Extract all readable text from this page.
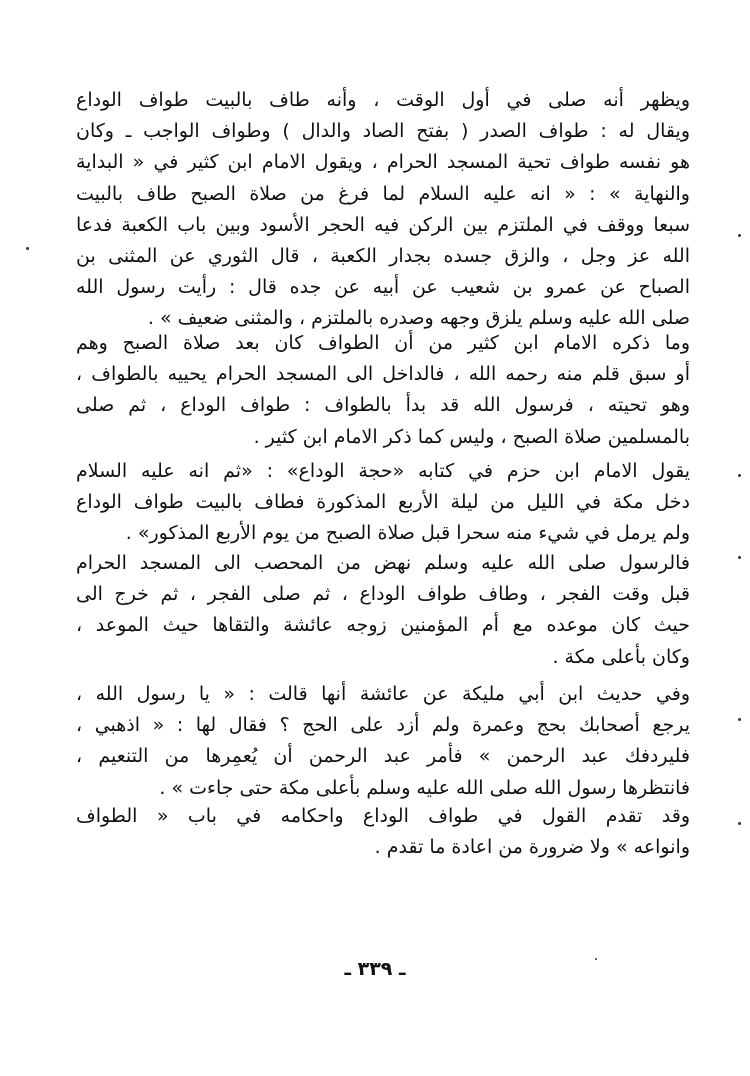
ويظهر أنه صلى في أول الوقت ، وأنه طاف بالبيت طواف الوداع
ويقال له : طواف الصدر ( بفتح الصاد والدال ) وطواف الواجب ـ وكان
هو نفسه طواف تحية المسجد الحرام ، ويقول الامام ابن كثير في « البداية
والنهاية » : « انه عليه السلام لما فرغ من صلاة الصبح طاف بالبيت
سبعا ووقف في الملتزم بين الركن فيه الحجر الأسود وبين باب الكعبة فدعا
الله عز وجل ، والزق جسده بجدار الكعبة ، قال الثوري عن المثنى بن
الصباح عن عمرو بن شعيب عن أبيه عن جده قال : رأيت رسول الله
صلى الله عليه وسلم يلزق وجهه وصدره بالملتزم ، والمثنى ضعيف » .
وما ذكره الامام ابن كثير من أن الطواف كان بعد صلاة الصبح وهم
أو سبق قلم منه رحمه الله ، فالداخل الى المسجد الحرام يحييه بالطواف ،
وهو تحيته ، فرسول الله قد بدأ بالطواف : طواف الوداع ، ثم صلى
بالمسلمين صلاة الصبح ، وليس كما ذكر الامام ابن كثير .
يقول الامام ابن حزم في كتابه «حجة الوداع» : «ثم انه عليه السلام
دخل مكة في الليل من ليلة الأربع المذكورة فطاف بالبيت طواف الوداع
ولم يرمل في شيء منه سحرا قبل صلاة الصبح من يوم الأربع المذكور» .
فالرسول صلى الله عليه وسلم نهض من المحصب الى المسجد الحرام
قبل وقت الفجر ، وطاف طواف الوداع ، ثم صلى الفجر ، ثم خرج الى
حيث كان موعده مع أم المؤمنين زوجه عائشة والتقاها حيث الموعد ،
وكان بأعلى مكة .
وفي حديث ابن أبي مليكة عن عائشة أنها قالت : « يا رسول الله ،
يرجع أصحابك بحج وعمرة ولم أزد على الحج ؟ فقال لها : « اذهبي ،
فليردفك عبد الرحمن » فأمر عبد الرحمن أن يُعمِرها من التنعيم ،
فانتظرها رسول الله صلى الله عليه وسلم بأعلى مكة حتى جاءت » .
وقد تقدم القول في طواف الوداع واحكامه في باب « الطواف
وانواعه » ولا ضرورة من اعادة ما تقدم .
ـ ٣٣٩ ـ
